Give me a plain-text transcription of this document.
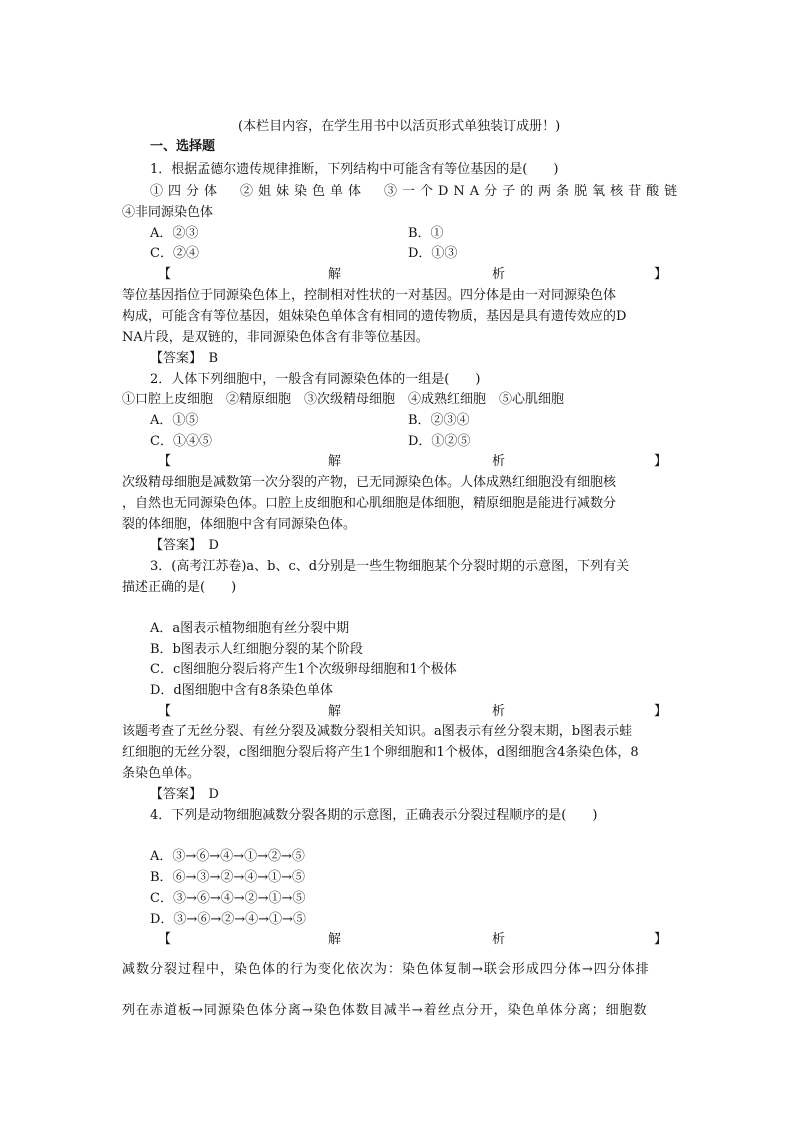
(本栏目内容，在学生用书中以活页形式单独装订成册！)
一、选择题
1．根据孟德尔遗传规律推断，下列结构中可能含有等位基因的是(　　)
①四分体　②姐妹染色单体　③一个DNA分子的两条脱氧核苷酸链
④非同源染色体
A．②③	B．①
C．②④	D．①③
【	解	析	】
等位基因指位于同源染色体上，控制相对性状的一对基因。四分体是由一对同源染色体
构成，可能含有等位基因，姐妹染色单体含有相同的遗传物质，基因是具有遗传效应的D
NA片段，是双链的，非同源染色体含有非等位基因。
【答案】　B
2．人体下列细胞中，一般含有同源染色体的一组是(　　)
①口腔上皮细胞　②精原细胞　③次级精母细胞　④成熟红细胞　⑤心肌细胞
A．①⑤	B．②③④
C．①④⑤	D．①②⑤
【	解	析	】
次级精母细胞是减数第一次分裂的产物，已无同源染色体。人体成熟红细胞没有细胞核
，自然也无同源染色体。口腔上皮细胞和心肌细胞是体细胞，精原细胞是能进行减数分
裂的体细胞，体细胞中含有同源染色体。
【答案】　D
3．(高考江苏卷)a、b、c、d分别是一些生物细胞某个分裂时期的示意图，下列有关
描述正确的是(　　)
A．a图表示植物细胞有丝分裂中期
B．b图表示人红细胞分裂的某个阶段
C．c图细胞分裂后将产生1个次级卵母细胞和1个极体
D．d图细胞中含有8条染色单体
【	解	析	】
该题考查了无丝分裂、有丝分裂及减数分裂相关知识。a图表示有丝分裂末期，b图表示蛙
红细胞的无丝分裂，c图细胞分裂后将产生1个卵细胞和1个极体，d图细胞含4条染色体，8
条染色单体。
【答案】　D
4．下列是动物细胞减数分裂各期的示意图，正确表示分裂过程顺序的是(　　)
A．③→⑥→④→①→②→⑤
B．⑥→③→②→④→①→⑤
C．③→⑥→④→②→①→⑤
D．③→⑥→②→④→①→⑤
【	解	析	】
减数分裂过程中，染色体的行为变化依次为：染色体复制→联会形成四分体→四分体排
列在赤道板→同源染色体分离→染色体数目减半→着丝点分开，染色单体分离；细胞数
